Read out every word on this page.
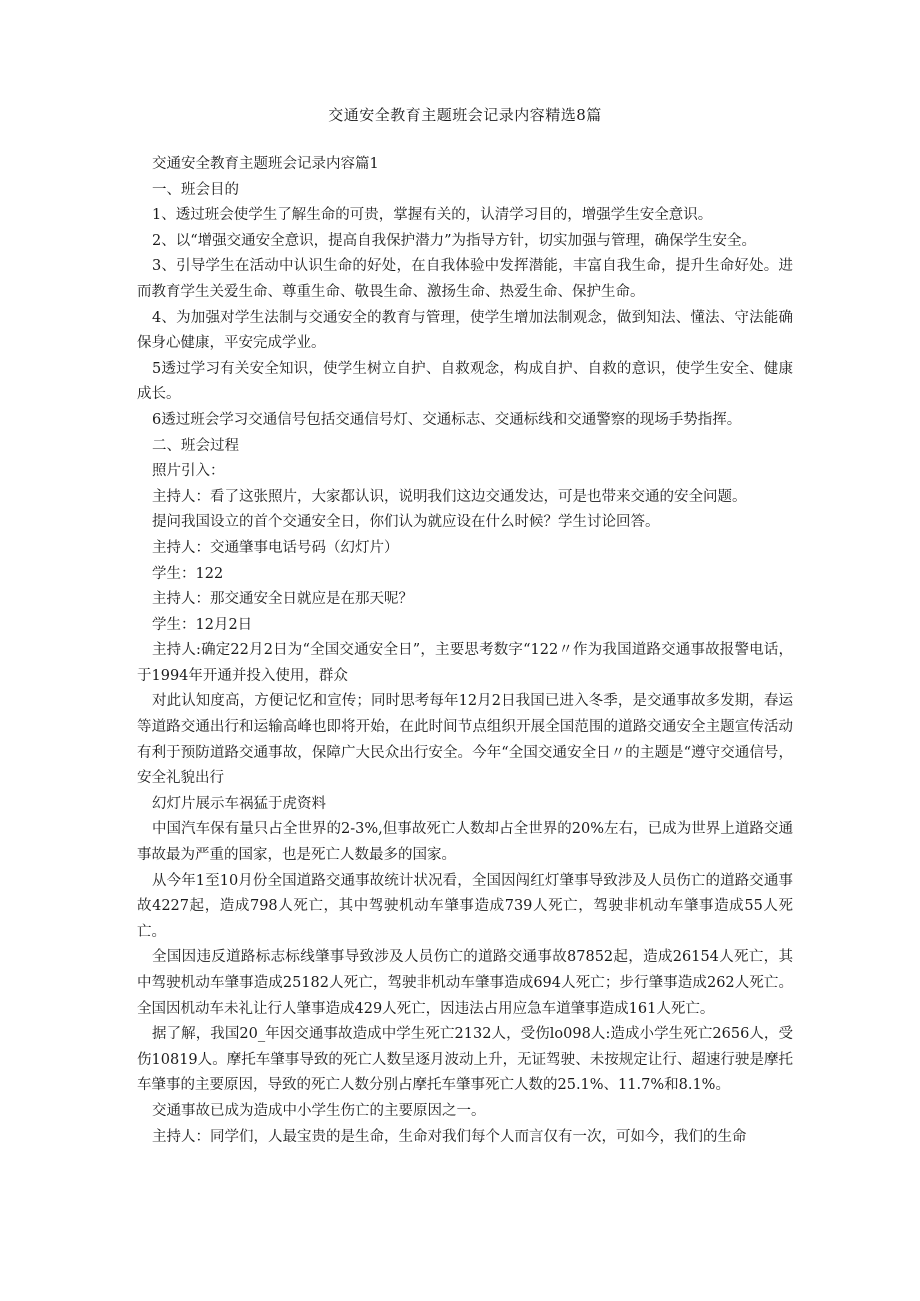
交通安全教育主题班会记录内容精选8篇

交通安全教育主题班会记录内容篇1

一、班会目的

1、透过班会使学生了解生命的可贵，掌握有关的，认清学习目的，增强学生安全意识。

2、以“增强交通安全意识，提高自我保护潜力”为指导方针，切实加强与管理，确保学生安全。

3、引导学生在活动中认识生命的好处，在自我体验中发挥潜能，丰富自我生命，提升生命好处。进而教育学生关爱生命、尊重生命、敬畏生命、激扬生命、热爱生命、保护生命。

4、为加强对学生法制与交通安全的教育与管理，使学生增加法制观念，做到知法、懂法、守法能确保身心健康，平安完成学业。

5透过学习有关安全知识，使学生树立自护、自救观念，构成自护、自救的意识，使学生安全、健康成长。

6透过班会学习交通信号包括交通信号灯、交通标志、交通标线和交通警察的现场手势指挥。

二、班会过程

照片引入：

主持人：看了这张照片，大家都认识，说明我们这边交通发达，可是也带来交通的安全问题。

提问我国设立的首个交通安全日，你们认为就应设在什么时候？学生讨论回答。

主持人：交通肇事电话号码（幻灯片）

学生：122

主持人：那交通安全日就应是在那天呢？

学生：12月2日

主持人:确定22月2日为“全国交通安全日”，主要思考数字“122〃作为我国道路交通事故报警电话，于1994年开通并投入使用，群众

对此认知度高，方便记忆和宣传；同时思考每年12月2日我国已进入冬季，是交通事故多发期，春运等道路交通出行和运输高峰也即将开始，在此时间节点组织开展全国范围的道路交通安全主题宣传活动有利于预防道路交通事故，保障广大民众出行安全。今年“全国交通安全日〃的主题是“遵守交通信号，安全礼貌出行

幻灯片展示车祸猛于虎资料

中国汽车保有量只占全世界的2-3%,但事故死亡人数却占全世界的20%左右，已成为世界上道路交通事故最为严重的国家，也是死亡人数最多的国家。

从今年1至10月份全国道路交通事故统计状况看，全国因闯红灯肇事导致涉及人员伤亡的道路交通事故4227起，造成798人死亡，其中驾驶机动车肇事造成739人死亡，驾驶非机动车肇事造成55人死亡。

全国因违反道路标志标线肇事导致涉及人员伤亡的道路交通事故87852起，造成26154人死亡，其中驾驶机动车肇事造成25182人死亡，驾驶非机动车肇事造成694人死亡；步行肇事造成262人死亡。全国因机动车未礼让行人肇事造成429人死亡，因违法占用应急车道肇事造成161人死亡。

据了解，我国20_年因交通事故造成中学生死亡2132人，受伤lo098人:造成小学生死亡2656人，受伤10819人。摩托车肇事导致的死亡人数呈逐月波动上升，无证驾驶、未按规定让行、超速行驶是摩托车肇事的主要原因，导致的死亡人数分别占摩托车肇事死亡人数的25.1%、11.7%和8.1%。

交通事故已成为造成中小学生伤亡的主要原因之一。

主持人：同学们，人最宝贵的是生命，生命对我们每个人而言仅有一次，可如今，我们的生命
